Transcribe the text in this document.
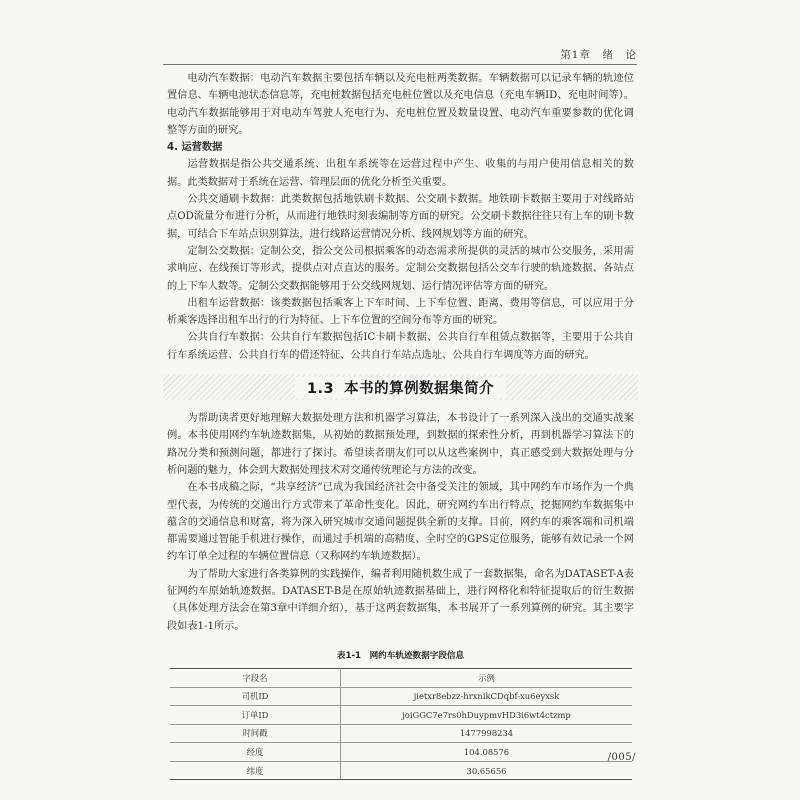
第1章　绪　论

电动汽车数据：电动汽车数据主要包括车辆以及充电桩两类数据。车辆数据可以记录车辆的轨迹位置信息、车辆电池状态信息等，充电桩数据包括充电桩位置以及充电信息（充电车辆ID、充电时间等）。电动汽车数据能够用于对电动车驾驶人充电行为、充电桩位置及数量设置、电动汽车重要参数的优化调整等方面的研究。

4. 运营数据

运营数据是指公共交通系统、出租车系统等在运营过程中产生、收集的与用户使用信息相关的数据。此类数据对于系统在运营、管理层面的优化分析至关重要。

公共交通刷卡数据：此类数据包括地铁刷卡数据、公交刷卡数据。地铁刷卡数据主要用于对线路站点OD流量分布进行分析，从而进行地铁时刻表编制等方面的研究。公交刷卡数据往往只有上车的刷卡数据，可结合下车站点识别算法，进行线路运营情况分析、线网规划等方面的研究。

定制公交数据：定制公交，指公交公司根据乘客的动态需求所提供的灵活的城市公交服务，采用需求响应、在线预订等形式，提供点对点直达的服务。定制公交数据包括公交车行驶的轨迹数据、各站点的上下车人数等。定制公交数据能够用于公交线网规划、运行情况评估等方面的研究。

出租车运营数据：该类数据包括乘客上下车时间、上下车位置、距离、费用等信息，可以应用于分析乘客选择出租车出行的行为特征、上下车位置的空间分布等方面的研究。

公共自行车数据：公共自行车数据包括IC卡刷卡数据、公共自行车租赁点数据等，主要用于公共自行车系统运营、公共自行车的借还特征、公共自行车站点选址、公共自行车调度等方面的研究。

1.3 本书的算例数据集简介

为帮助读者更好地理解大数据处理方法和机器学习算法，本书设计了一系列深入浅出的交通实战案例。本书使用网约车轨迹数据集，从初始的数据预处理，到数据的探索性分析，再到机器学习算法下的路况分类和预测问题，都进行了探讨。希望读者朋友们可以从这些案例中，真正感受到大数据处理与分析问题的魅力，体会到大数据处理技术对交通传统理论与方法的改变。

在本书成稿之际，“共享经济”已成为我国经济社会中备受关注的领域，其中网约车市场作为一个典型代表，为传统的交通出行方式带来了革命性变化。因此，研究网约车出行特点，挖掘网约车数据集中蕴含的交通信息和财富，将为深入研究城市交通问题提供全新的支撑。目前，网约车的乘客端和司机端都需要通过智能手机进行操作，而通过手机端的高精度、全时空的GPS定位服务，能够有效记录一个网约车订单全过程的车辆位置信息（又称网约车轨迹数据）。

为了帮助大家进行各类算例的实践操作，编者利用随机数生成了一套数据集，命名为DATASET-A表征网约车原始轨迹数据。DATASET-B是在原始轨迹数据基础上，进行网格化和特征提取后的衍生数据（具体处理方法会在第3章中详细介绍），基于这两套数据集，本书展开了一系列算例的研究。其主要字段如表1-1所示。

表1-1　网约车轨迹数据字段信息
字段名	示例
司机ID	jietxr8ebzz-hrxnikCDqbf-xu6eyxsk
订单ID	joiGGC7e7rs0hDuypmvHD3i6wt4ctzmp
时间戳	1477998234
经度	104.08576
纬度	30.65656
/005/
